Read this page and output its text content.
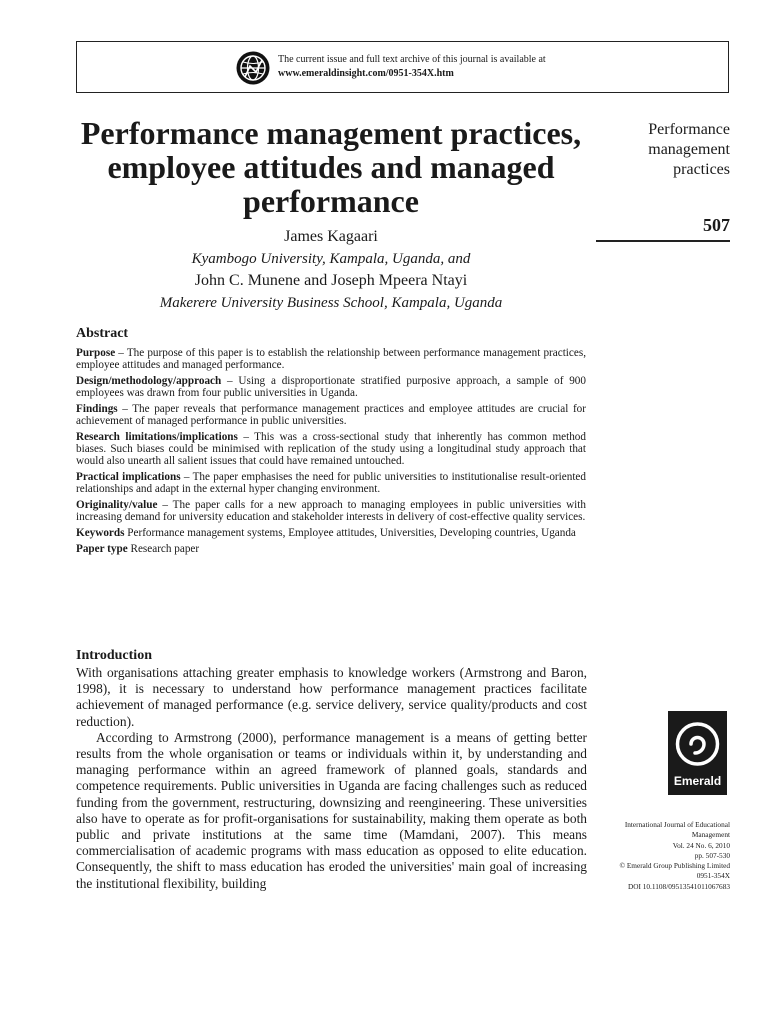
The current issue and full text archive of this journal is available at
www.emeraldinsight.com/0951-354X.htm
Performance management practices, employee attitudes and managed performance
James Kagaari
Kyambogo University, Kampala, Uganda, and
John C. Munene and Joseph Mpeera Ntayi
Makerere University Business School, Kampala, Uganda
Performance
management
practices
507
Abstract

Purpose – The purpose of this paper is to establish the relationship between performance management practices, employee attitudes and managed performance.

Design/methodology/approach – Using a disproportionate stratified purposive approach, a sample of 900 employees was drawn from four public universities in Uganda.

Findings – The paper reveals that performance management practices and employee attitudes are crucial for achievement of managed performance in public universities.

Research limitations/implications – This was a cross-sectional study that inherently has common method biases. Such biases could be minimised with replication of the study using a longitudinal study approach that would also unearth all salient issues that could have remained untouched.

Practical implications – The paper emphasises the need for public universities to institutionalise result-oriented relationships and adapt in the external hyper changing environment.

Originality/value – The paper calls for a new approach to managing employees in public universities with increasing demand for university education and stakeholder interests in delivery of cost-effective quality services.

Keywords Performance management systems, Employee attitudes, Universities, Developing countries, Uganda

Paper type Research paper

Introduction

With organisations attaching greater emphasis to knowledge workers (Armstrong and Baron, 1998), it is necessary to understand how performance management practices facilitate achievement of managed performance (e.g. service delivery, service quality/products and cost reduction).

According to Armstrong (2000), performance management is a means of getting better results from the whole organisation or teams or individuals within it, by understanding and managing performance within an agreed framework of planned goals, standards and competence requirements. Public universities in Uganda are facing challenges such as reduced funding from the government, restructuring, downsizing and reengineering. These universities also have to operate as for profit-organisations for sustainability, making them operate as both public and private institutions at the same time (Mamdani, 2007). This means commercialisation of academic programs with mass education as opposed to elite education. Consequently, the shift to mass education has eroded the universities' main goal of increasing the institutional flexibility, building

Emerald
International Journal of Educational
Management
Vol. 24 No. 6, 2010
pp. 507-530
© Emerald Group Publishing Limited
0951-354X
DOI 10.1108/09513541011067683
